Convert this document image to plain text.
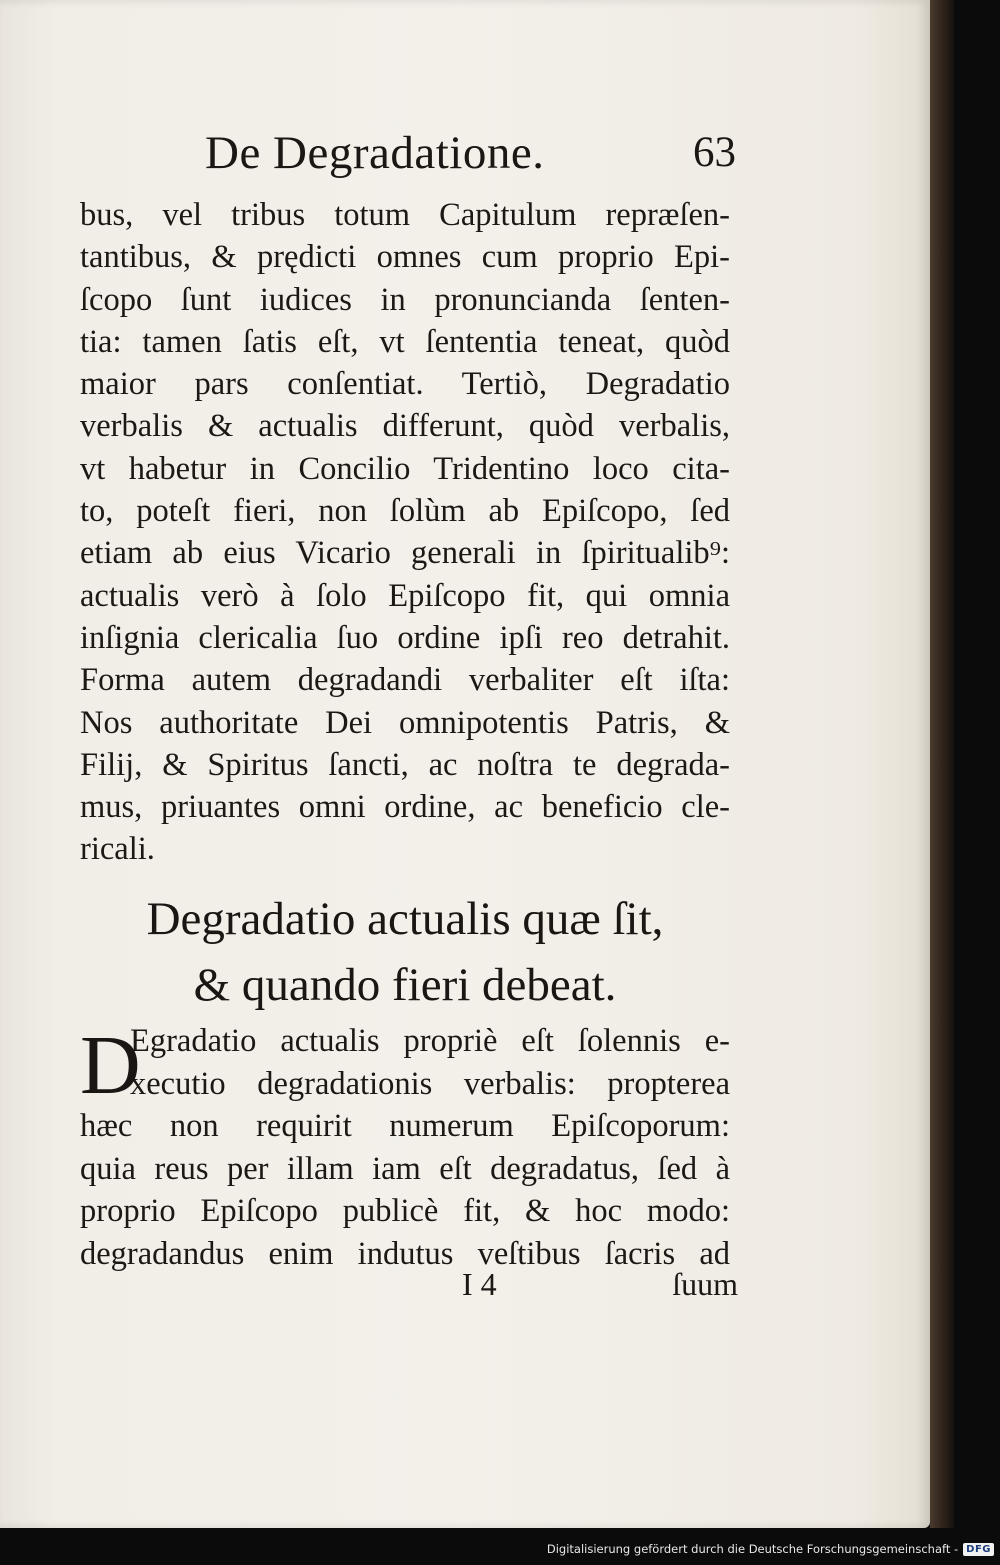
De Degradatione.	63
bus, vel tribus totum Capitulum repræſen-
tantibus, & prędicti omnes cum proprio Epi-
ſcopo ſunt iudices in pronuncianda ſenten-
tia: tamen ſatis eſt, vt ſententia teneat, quòd
maior pars conſentiat. Tertiò, Degradatio
verbalis & actualis differunt, quòd verbalis,
vt habetur in Concilio Tridentino loco cita-
to, poteſt fieri, non ſolùm ab Epiſcopo, ſed
etiam ab eius Vicario generali in ſpiritualib⁹:
actualis verò à ſolo Epiſcopo fit, qui omnia
inſignia clericalia ſuo ordine ipſi reo detrahit.
Forma autem degradandi verbaliter eſt iſta:
Nos authoritate Dei omnipotentis Patris, &
Filij, & Spiritus ſancti, ac noſtra te degrada-
mus, priuantes omni ordine, ac beneficio cle-
ricali.
Degradatio actualis quæ ſit,
& quando fieri debeat.
D
Egradatio actualis propriè eſt ſolennis e-
xecutio degradationis verbalis: propterea
hæc non requirit numerum Epiſcoporum:
quia reus per illam iam eſt degradatus, ſed à
proprio Epiſcopo publicè fit, & hoc modo:
degradandus enim indutus veſtibus ſacris ad
I 4	ſuum
Digitalisierung gefördert durch die Deutsche Forschungsgemeinschaft - DFG
